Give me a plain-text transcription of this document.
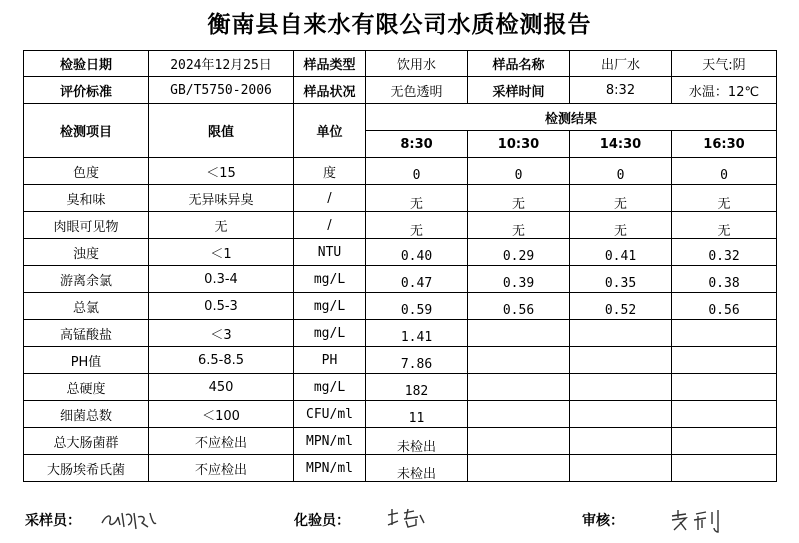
衡南县自来水有限公司水质检测报告
检验日期	2024年12月25日	样品类型	饮用水	样品名称	出厂水	天气:阴
评价标准	GB/T5750-2006	样品状况	无色透明	采样时间	8:32	水温：12℃
检测项目	限值	单位	检测结果			
			8:30	10:30	14:30	16:30
色度	＜15	度	0	0	0	0
臭和味	无异味异臭	/	无	无	无	无
肉眼可见物	无	/	无	无	无	无
浊度	＜1	NTU	0.40	0.29	0.41	0.32
游离余氯	0.3-4	mg/L	0.47	0.39	0.35	0.38
总氯	0.5-3	mg/L	0.59	0.56	0.52	0.56
高锰酸盐	＜3	mg/L	1.41			
PH值	6.5-8.5	PH	7.86			
总硬度	450	mg/L	182			
细菌总数	＜100	CFU/ml	11			
总大肠菌群	不应检出	MPN/ml	未检出			
大肠埃希氏菌	不应检出	MPN/ml	未检出			
采样员：	化验员：	审核：
